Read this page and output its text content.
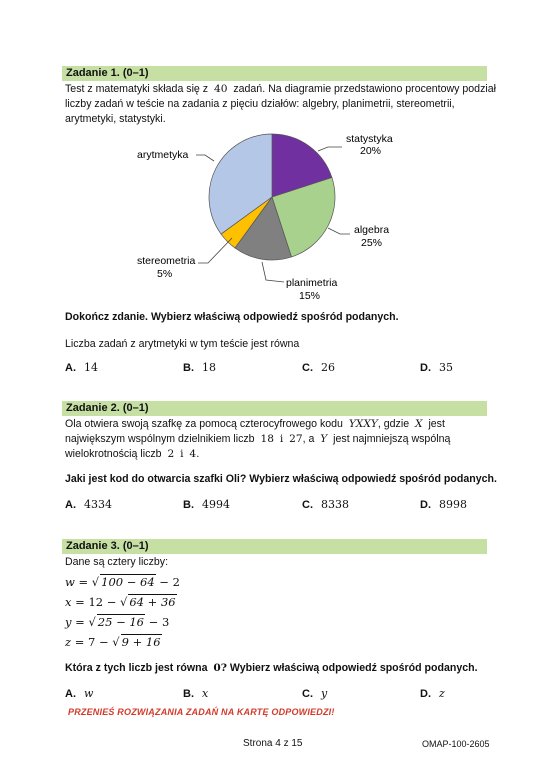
Zadanie 1. (0–1)
Test z matematyki składa się z 40 zadań. Na diagramie przedstawiono procentowy podział
liczby zadań w teście na zadania z pięciu działów: algebry, planimetrii, stereometrii,
arytmetyki, statystyki.
arytmetyka
statystyka
20%
algebra
25%
planimetria
15%
stereometria
5%
Dokończ zdanie. Wybierz właściwą odpowiedź spośród podanych.
Liczba zadań z arytmetyki w tym teście jest równa
A. 14	B. 18	C. 26	D. 35
Zadanie 2. (0–1)
Ola otwiera swoją szafkę za pomocą czterocyfrowego kodu YXXY, gdzie X jest
największym wspólnym dzielnikiem liczb 18 i 27, a Y jest najmniejszą wspólną
wielokrotnością liczb 2 i 4.
Jaki jest kod do otwarcia szafki Oli? Wybierz właściwą odpowiedź spośród podanych.
A. 4334	B. 4994	C. 8338	D. 8998
Zadanie 3. (0–1)
Dane są cztery liczby:
w = √ 100 − 64 − 2
x = 12 − √ 64 + 36
y = √ 25 − 16 − 3
z = 7 − √ 9 + 16
Która z tych liczb jest równa 0? Wybierz właściwą odpowiedź spośród podanych.
A. w	B. x	C. y	D. z
PRZENIEŚ ROZWIĄZANIA ZADAŃ NA KARTĘ ODPOWIEDZI!
Strona 4 z 15	OMAP-100-2605
